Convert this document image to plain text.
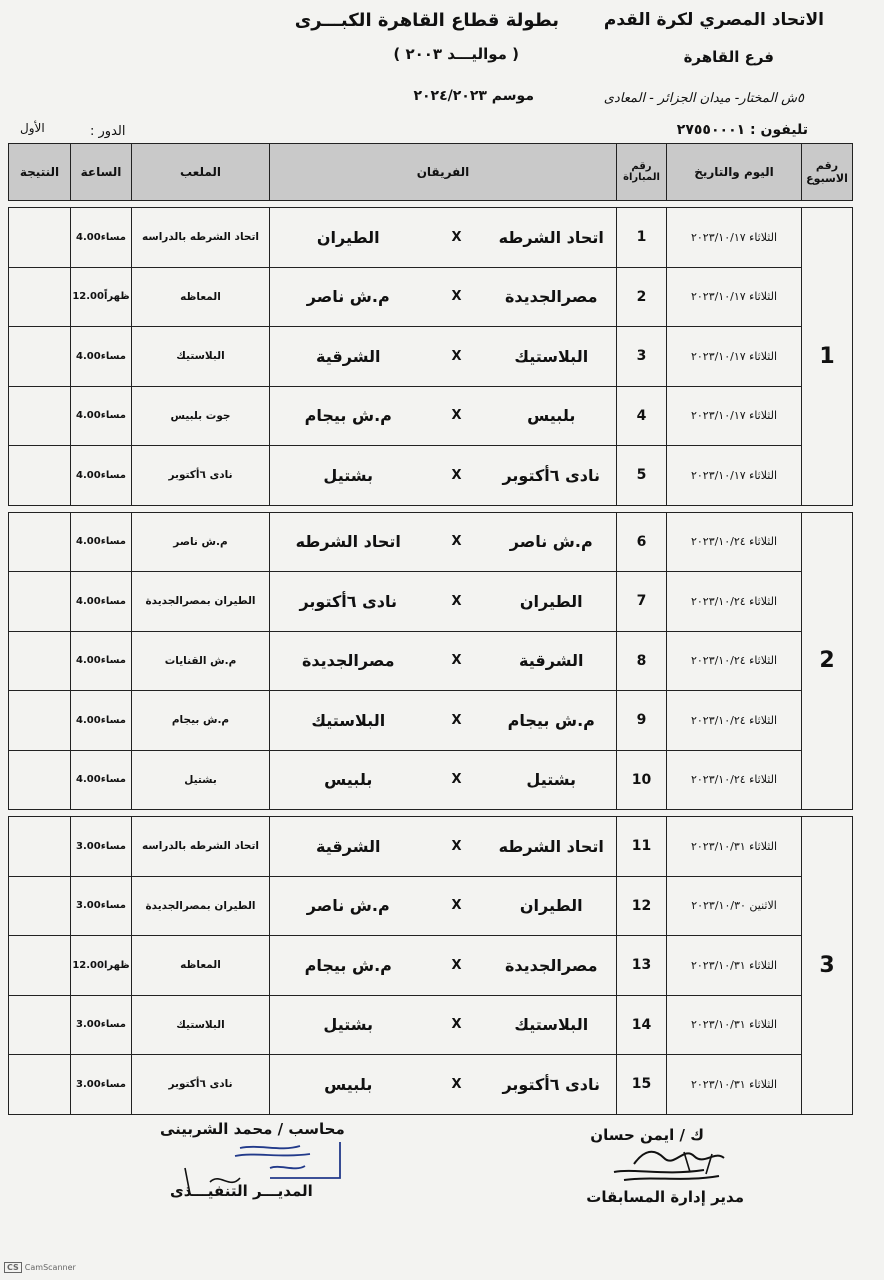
الاتحاد المصري لكرة القدم
فرع القاهرة
٥ش المختار- ميدان الجزائر - المعادى
تليفون : ٢٧٥٥٠٠٠١
بطولة قطاع القاهرة الكبـــرى
( مواليـــد ٢٠٠٣ )
موسم ٢٠٢٤/٢٠٢٣
الدور :
الأول
رقم الاسبوع	اليوم والتاريخ	رقم المباراة	الفريقان			الملعب	الساعة	النتيجة

1	الثلاثاء ٢٠٢٣/١٠/١٧	1	اتحاد الشرطه	X	الطيران	اتحاد الشرطه بالدراسه	4.00مساء	
	الثلاثاء ٢٠٢٣/١٠/١٧	2	مصرالجديدة	X	م.ش ناصر	المعاظه	12.00ظهراً	
	الثلاثاء ٢٠٢٣/١٠/١٧	3	البلاستيك	X	الشرقية	البلاستيك	4.00مساء	
	الثلاثاء ٢٠٢٣/١٠/١٧	4	بلبيس	X	م.ش بيجام	جوت بلبيس	4.00مساء	
	الثلاثاء ٢٠٢٣/١٠/١٧	5	نادى ٦أكتوبر	X	بشتيل	نادى ٦أكتوبر	4.00مساء	

2	الثلاثاء ٢٠٢٣/١٠/٢٤	6	م.ش ناصر	X	اتحاد الشرطه	م.ش ناصر	4.00مساء	
	الثلاثاء ٢٠٢٣/١٠/٢٤	7	الطيران	X	نادى ٦أكتوبر	الطيران بمصرالجديدة	4.00مساء	
	الثلاثاء ٢٠٢٣/١٠/٢٤	8	الشرقية	X	مصرالجديدة	م.ش القنايات	4.00مساء	
	الثلاثاء ٢٠٢٣/١٠/٢٤	9	م.ش بيجام	X	البلاستيك	م.ش بيجام	4.00مساء	
	الثلاثاء ٢٠٢٣/١٠/٢٤	10	بشتيل	X	بلبيس	بشتيل	4.00مساء	

3	الثلاثاء ٢٠٢٣/١٠/٣١	11	اتحاد الشرطه	X	الشرقية	اتحاد الشرطه بالدراسه	3.00مساء	
	الاثنين ٢٠٢٣/١٠/٣٠	12	الطيران	X	م.ش ناصر	الطيران بمصرالجديدة	3.00مساء	
	الثلاثاء ٢٠٢٣/١٠/٣١	13	مصرالجديدة	X	م.ش بيجام	المعاظه	12.00ظهرا	
	الثلاثاء ٢٠٢٣/١٠/٣١	14	البلاستيك	X	بشتيل	البلاستيك	3.00مساء	
	الثلاثاء ٢٠٢٣/١٠/٣١	15	نادى ٦أكتوبر	X	بلبيس	نادى ٦أكتوبر	3.00مساء	
ك / ايمن حسان
مدير إدارة المسابقات
محاسب / محمد الشربينى
المديـــر التنفيـــذى
CS CamScanner
